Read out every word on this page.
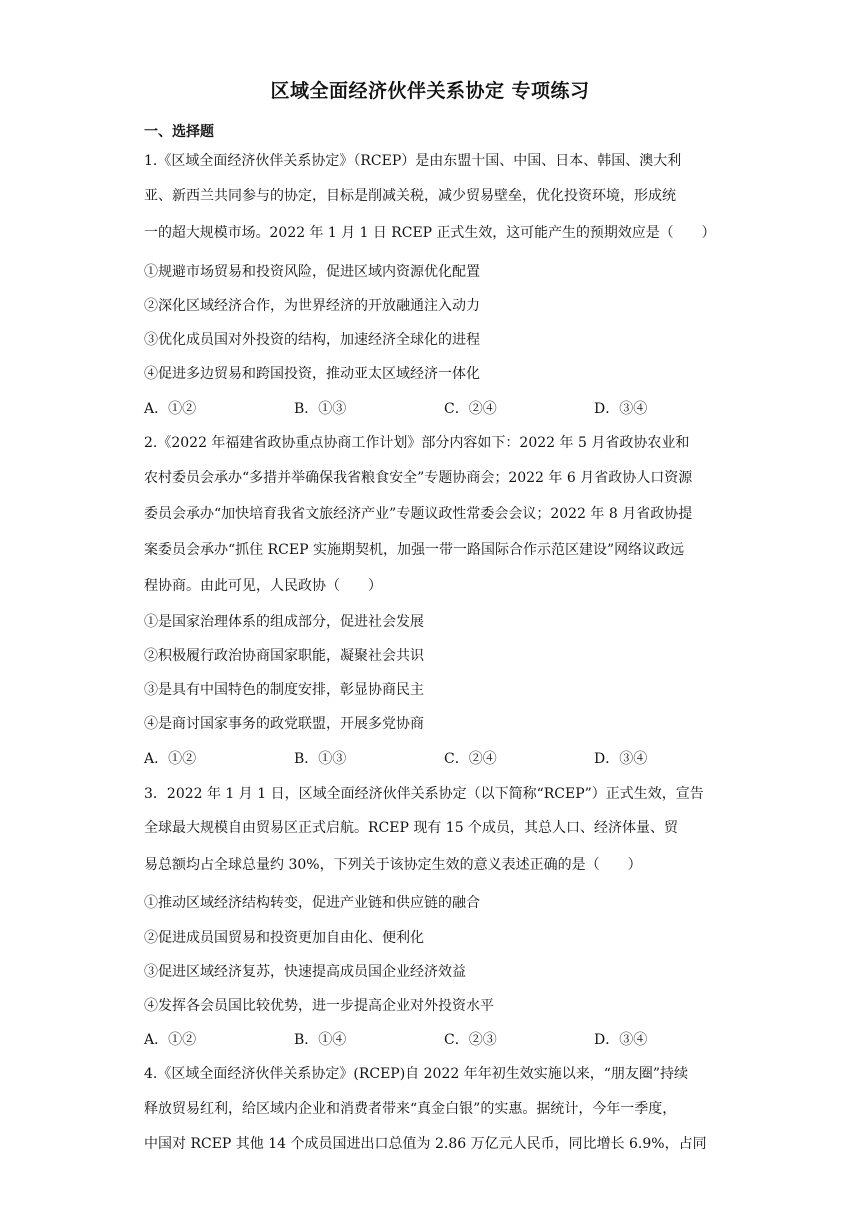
区域全面经济伙伴关系协定 专项练习
一、选择题
1.《区域全面经济伙伴关系协定》（RCEP）是由东盟十国、中国、日本、韩国、澳大利
亚、新西兰共同参与的协定，目标是削减关税，减少贸易壁垒，优化投资环境，形成统
一的超大规模市场。2022 年 1 月 1 日 RCEP 正式生效，这可能产生的预期效应是（　　）
①规避市场贸易和投资风险，促进区域内资源优化配置
②深化区域经济合作，为世界经济的开放融通注入动力
③优化成员国对外投资的结构，加速经济全球化的进程
④促进多边贸易和跨国投资，推动亚太区域经济一体化
A．①②	B．①③	C．②④	D．③④
2.《2022 年福建省政协重点协商工作计划》部分内容如下：2022 年 5 月省政协农业和
农村委员会承办“多措并举确保我省粮食安全”专题协商会；2022 年 6 月省政协人口资源
委员会承办“加快培育我省文旅经济产业”专题议政性常委会会议；2022 年 8 月省政协提
案委员会承办“抓住 RCEP 实施期契机，加强一带一路国际合作示范区建设”网络议政远
程协商。由此可见，人民政协（　　）
①是国家治理体系的组成部分，促进社会发展
②积极履行政治协商国家职能，凝聚社会共识
③是具有中国特色的制度安排，彰显协商民主
④是商讨国家事务的政党联盟，开展多党协商
A．①②	B．①③	C．②④	D．③④
3．2022 年 1 月 1 日，区域全面经济伙伴关系协定（以下简称“RCEP”）正式生效，宣告
全球最大规模自由贸易区正式启航。RCEP 现有 15 个成员，其总人口、经济体量、贸
易总额均占全球总量约 30%，下列关于该协定生效的意义表述正确的是（　　）
①推动区域经济结构转变，促进产业链和供应链的融合
②促进成员国贸易和投资更加自由化、便利化
③促进区域经济复苏，快速提高成员国企业经济效益
④发挥各会员国比较优势，进一步提高企业对外投资水平
A．①②	B．①④	C．②③	D．③④
4.《区域全面经济伙伴关系协定》(RCEP)自 2022 年年初生效实施以来，“朋友圈”持续
释放贸易红利，给区域内企业和消费者带来“真金白银”的实惠。据统计，今年一季度，
中国对 RCEP 其他 14 个成员国进出口总值为 2.86 万亿元人民币，同比增长 6.9%，占同
